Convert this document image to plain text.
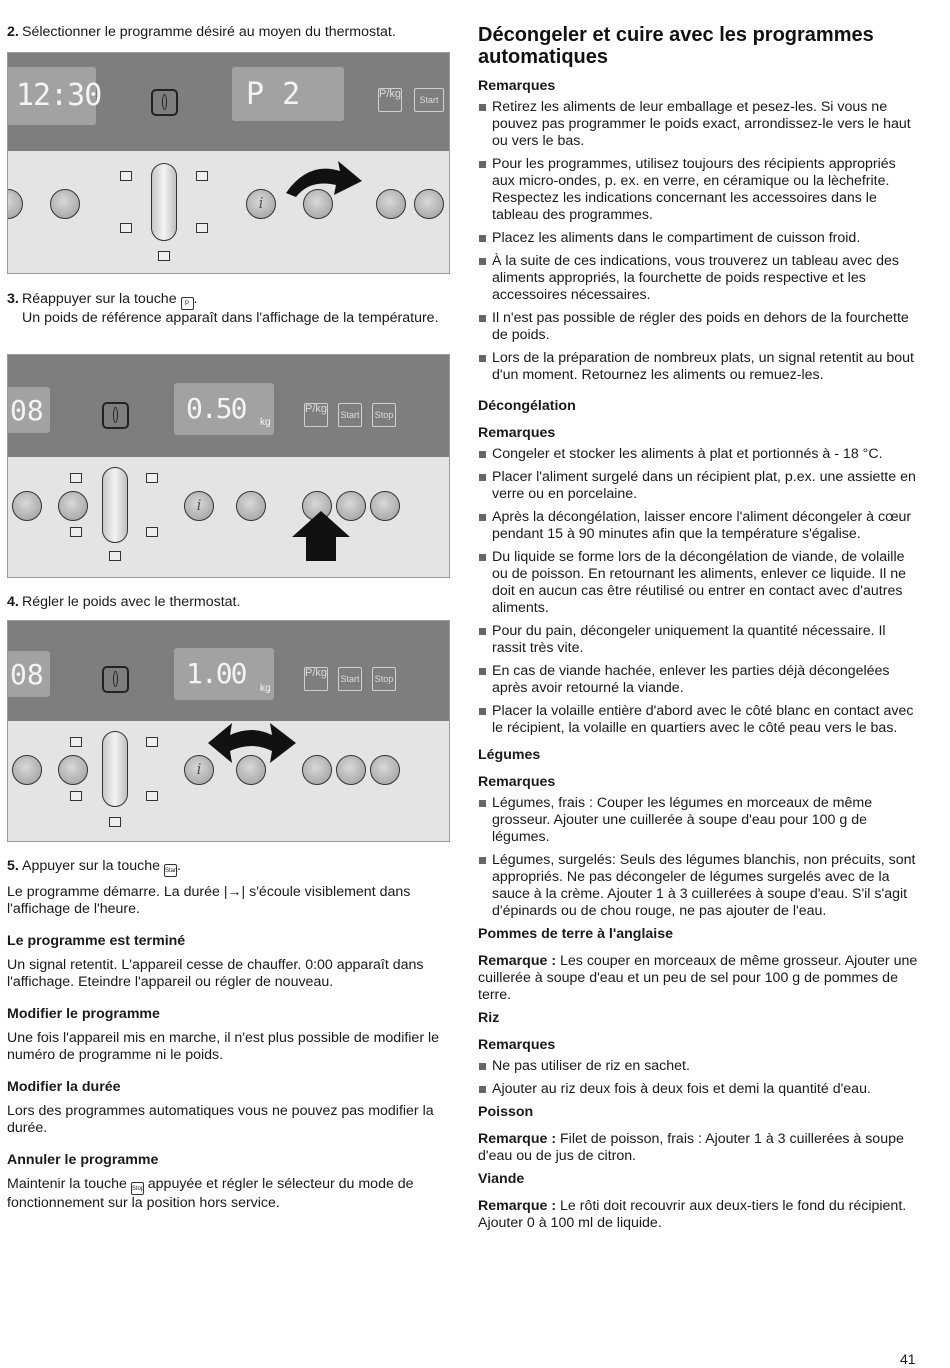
2. Sélectionner le programme désiré au moyen du thermostat.

12:30	P 2	P/kg	Start
i

3. Réappuyer sur la touche P .
Un poids de référence apparaît dans l'affichage de la température.

08	0.50 kg
P/kg Start	Stop
i

4. Régler le poids avec le thermostat.

08	1.00 kg
P/kg Start	Stop
i

5. Appuyer sur la touche Start.

Le programme démarre. La durée |→| s'écoule visiblement dans l'affichage de l'heure.

Le programme est terminé

Un signal retentit. L'appareil cesse de chauffer. 0:00 apparaît dans l'affichage. Eteindre l'appareil ou régler de nouveau.

Modifier le programme

Une fois l'appareil mis en marche, il n'est plus possible de modifier le numéro de programme ni le poids.

Modifier la durée

Lors des programmes automatiques vous ne pouvez pas modifier la durée.

Annuler le programme

Maintenir la touche Stop appuyée et régler le sélecteur du mode de fonctionnement sur la position hors service.

Décongeler et cuire avec les programmes automatiques
Remarques
Retirez les aliments de leur emballage et pesez-les. Si vous ne pouvez pas programmer le poids exact, arrondissez-le vers le haut ou vers le bas.
Pour les programmes, utilisez toujours des récipients appropriés aux micro-ondes, p. ex. en verre, en céramique ou la lèchefrite. Respectez les indications concernant les accessoires dans le tableau des programmes.
Placez les aliments dans le compartiment de cuisson froid.
À la suite de ces indications, vous trouverez un tableau avec des aliments appropriés, la fourchette de poids respective et les accessoires nécessaires.
Il n'est pas possible de régler des poids en dehors de la fourchette de poids.
Lors de la préparation de nombreux plats, un signal retentit au bout d'un moment. Retournez les aliments ou remuez-les.
Décongélation
Remarques
Congeler et stocker les aliments à plat et portionnés à - 18 °C.
Placer l'aliment surgelé dans un récipient plat, p.ex. une assiette en verre ou en porcelaine.
Après la décongélation, laisser encore l'aliment décongeler à cœur pendant 15 à 90 minutes afin que la température s'égalise.
Du liquide se forme lors de la décongélation de viande, de volaille ou de poisson. En retournant les aliments, enlever ce liquide. Il ne doit en aucun cas être réutilisé ou entrer en contact avec d'autres aliments.
Pour du pain, décongeler uniquement la quantité nécessaire. Il rassit très vite.
En cas de viande hachée, enlever les parties déjà décongelées après avoir retourné la viande.
Placer la volaille entière d'abord avec le côté blanc en contact avec le récipient, la volaille en quartiers avec le côté peau vers le bas.
Légumes
Remarques
Légumes, frais : Couper les légumes en morceaux de même grosseur. Ajouter une cuillerée à soupe d'eau pour 100 g de légumes.
Légumes, surgelés: Seuls des légumes blanchis, non précuits, sont appropriés. Ne pas décongeler de légumes surgelés avec de la sauce à la crème. Ajouter 1 à 3 cuillerées à soupe d'eau. S'il s'agit d'épinards ou de chou rouge, ne pas ajouter de l'eau.
Pommes de terre à l'anglaise

Remarque : Les couper en morceaux de même grosseur. Ajouter une cuillerée à soupe d'eau et un peu de sel pour 100 g de pommes de terre.

Riz
Remarques
Ne pas utiliser de riz en sachet.
Ajouter au riz deux fois à deux fois et demi la quantité d'eau.
Poisson

Remarque : Filet de poisson, frais : Ajouter 1 à 3 cuillerées à soupe d'eau ou de jus de citron.

Viande

Remarque : Le rôti doit recouvrir aux deux-tiers le fond du récipient. Ajouter 0 à 100 ml de liquide.

41
